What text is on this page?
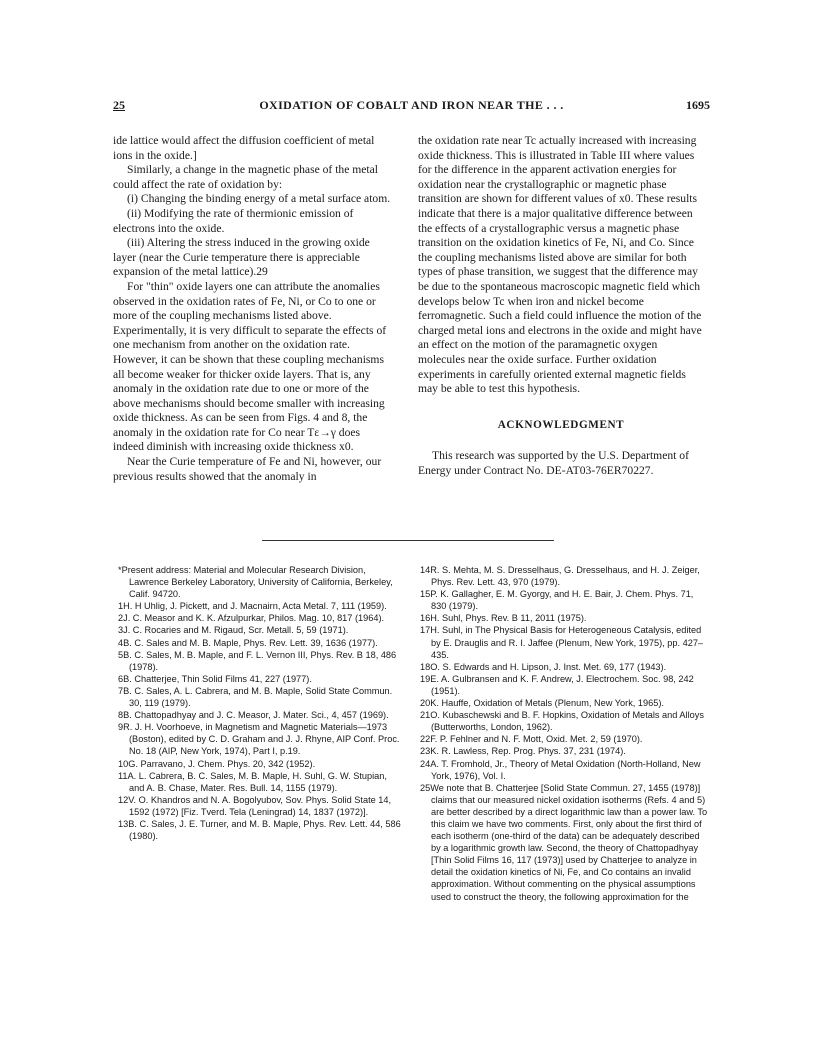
25	OXIDATION OF COBALT AND IRON NEAR THE . . .	1695

ide lattice would affect the diffusion coefficient of metal ions in the oxide.]

Similarly, a change in the magnetic phase of the metal could affect the rate of oxidation by:

(i) Changing the binding energy of a metal surface atom.

(ii) Modifying the rate of thermionic emission of electrons into the oxide.

(iii) Altering the stress induced in the growing oxide layer (near the Curie temperature there is appreciable expansion of the metal lattice).29

For "thin" oxide layers one can attribute the anomalies observed in the oxidation rates of Fe, Ni, or Co to one or more of the coupling mechanisms listed above. Experimentally, it is very difficult to separate the effects of one mechanism from another on the oxidation rate. However, it can be shown that these coupling mechanisms all become weaker for thicker oxide layers. That is, any anomaly in the oxidation rate due to one or more of the above mechanisms should become smaller with increasing oxide thickness. As can be seen from Figs. 4 and 8, the anomaly in the oxidation rate for Co near Tε→γ does indeed diminish with increasing oxide thickness x0.

Near the Curie temperature of Fe and Ni, however, our previous results showed that the anomaly in

the oxidation rate near Tc actually increased with increasing oxide thickness. This is illustrated in Table III where values for the difference in the apparent activation energies for oxidation near the crystallographic or magnetic phase transition are shown for different values of x0. These results indicate that there is a major qualitative difference between the effects of a crystallographic versus a magnetic phase transition on the oxidation kinetics of Fe, Ni, and Co. Since the coupling mechanisms listed above are similar for both types of phase transition, we suggest that the difference may be due to the spontaneous macroscopic magnetic field which develops below Tc when iron and nickel become ferromagnetic. Such a field could influence the motion of the charged metal ions and electrons in the oxide and might have an effect on the motion of the paramagnetic oxygen molecules near the oxide surface. Further oxidation experiments in carefully oriented external magnetic fields may be able to test this hypothesis.

ACKNOWLEDGMENT

This research was supported by the U.S. Department of Energy under Contract No. DE-AT03-76ER70227.

*Present address: Material and Molecular Research Division, Lawrence Berkeley Laboratory, University of California, Berkeley, Calif. 94720.

1H. H Uhlig, J. Pickett, and J. Macnairn, Acta Metal. 7, 111 (1959).

2J. C. Measor and K. K. Afzulpurkar, Philos. Mag. 10, 817 (1964).

3J. C. Rocaries and M. Rigaud, Scr. Metall. 5, 59 (1971).

4B. C. Sales and M. B. Maple, Phys. Rev. Lett. 39, 1636 (1977).

5B. C. Sales, M. B. Maple, and F. L. Vernon III, Phys. Rev. B 18, 486 (1978).

6B. Chatterjee, Thin Solid Films 41, 227 (1977).

7B. C. Sales, A. L. Cabrera, and M. B. Maple, Solid State Commun. 30, 119 (1979).

8B. Chattopadhyay and J. C. Measor, J. Mater. Sci., 4, 457 (1969).

9R. J. H. Voorhoeve, in Magnetism and Magnetic Materials—1973 (Boston), edited by C. D. Graham and J. J. Rhyne, AIP Conf. Proc. No. 18 (AIP, New York, 1974), Part I, p.19.

10G. Parravano, J. Chem. Phys. 20, 342 (1952).

11A. L. Cabrera, B. C. Sales, M. B. Maple, H. Suhl, G. W. Stupian, and A. B. Chase, Mater. Res. Bull. 14, 1155 (1979).

12V. O. Khandros and N. A. Bogolyubov, Sov. Phys. Solid State 14, 1592 (1972) [Fiz. Tverd. Tela (Leningrad) 14, 1837 (1972)].

13B. C. Sales, J. E. Turner, and M. B. Maple, Phys. Rev. Lett. 44, 586 (1980).

14R. S. Mehta, M. S. Dresselhaus, G. Dresselhaus, and H. J. Zeiger, Phys. Rev. Lett. 43, 970 (1979).

15P. K. Gallagher, E. M. Gyorgy, and H. E. Bair, J. Chem. Phys. 71, 830 (1979).

16H. Suhl, Phys. Rev. B 11, 2011 (1975).

17H. Suhl, in The Physical Basis for Heterogeneous Catalysis, edited by E. Drauglis and R. I. Jaffee (Plenum, New York, 1975), pp. 427–435.

18O. S. Edwards and H. Lipson, J. Inst. Met. 69, 177 (1943).

19E. A. Gulbransen and K. F. Andrew, J. Electrochem. Soc. 98, 242 (1951).

20K. Hauffe, Oxidation of Metals (Plenum, New York, 1965).

21O. Kubaschewski and B. F. Hopkins, Oxidation of Metals and Alloys (Butterworths, London, 1962).

22F. P. Fehlner and N. F. Mott, Oxid. Met. 2, 59 (1970).

23K. R. Lawless, Rep. Prog. Phys. 37, 231 (1974).

24A. T. Fromhold, Jr., Theory of Metal Oxidation (North-Holland, New York, 1976), Vol. I.

25We note that B. Chatterjee [Solid State Commun. 27, 1455 (1978)] claims that our measured nickel oxidation isotherms (Refs. 4 and 5) are better described by a direct logarithmic law than a power law. To this claim we have two comments. First, only about the first third of each isotherm (one-third of the data) can be adequately described by a logarithmic growth law. Second, the theory of Chattopadhyay [Thin Solid Films 16, 117 (1973)] used by Chatterjee to analyze in detail the oxidation kinetics of Ni, Fe, and Co contains an invalid approximation. Without commenting on the physical assumptions used to construct the theory, the following approximation for the
